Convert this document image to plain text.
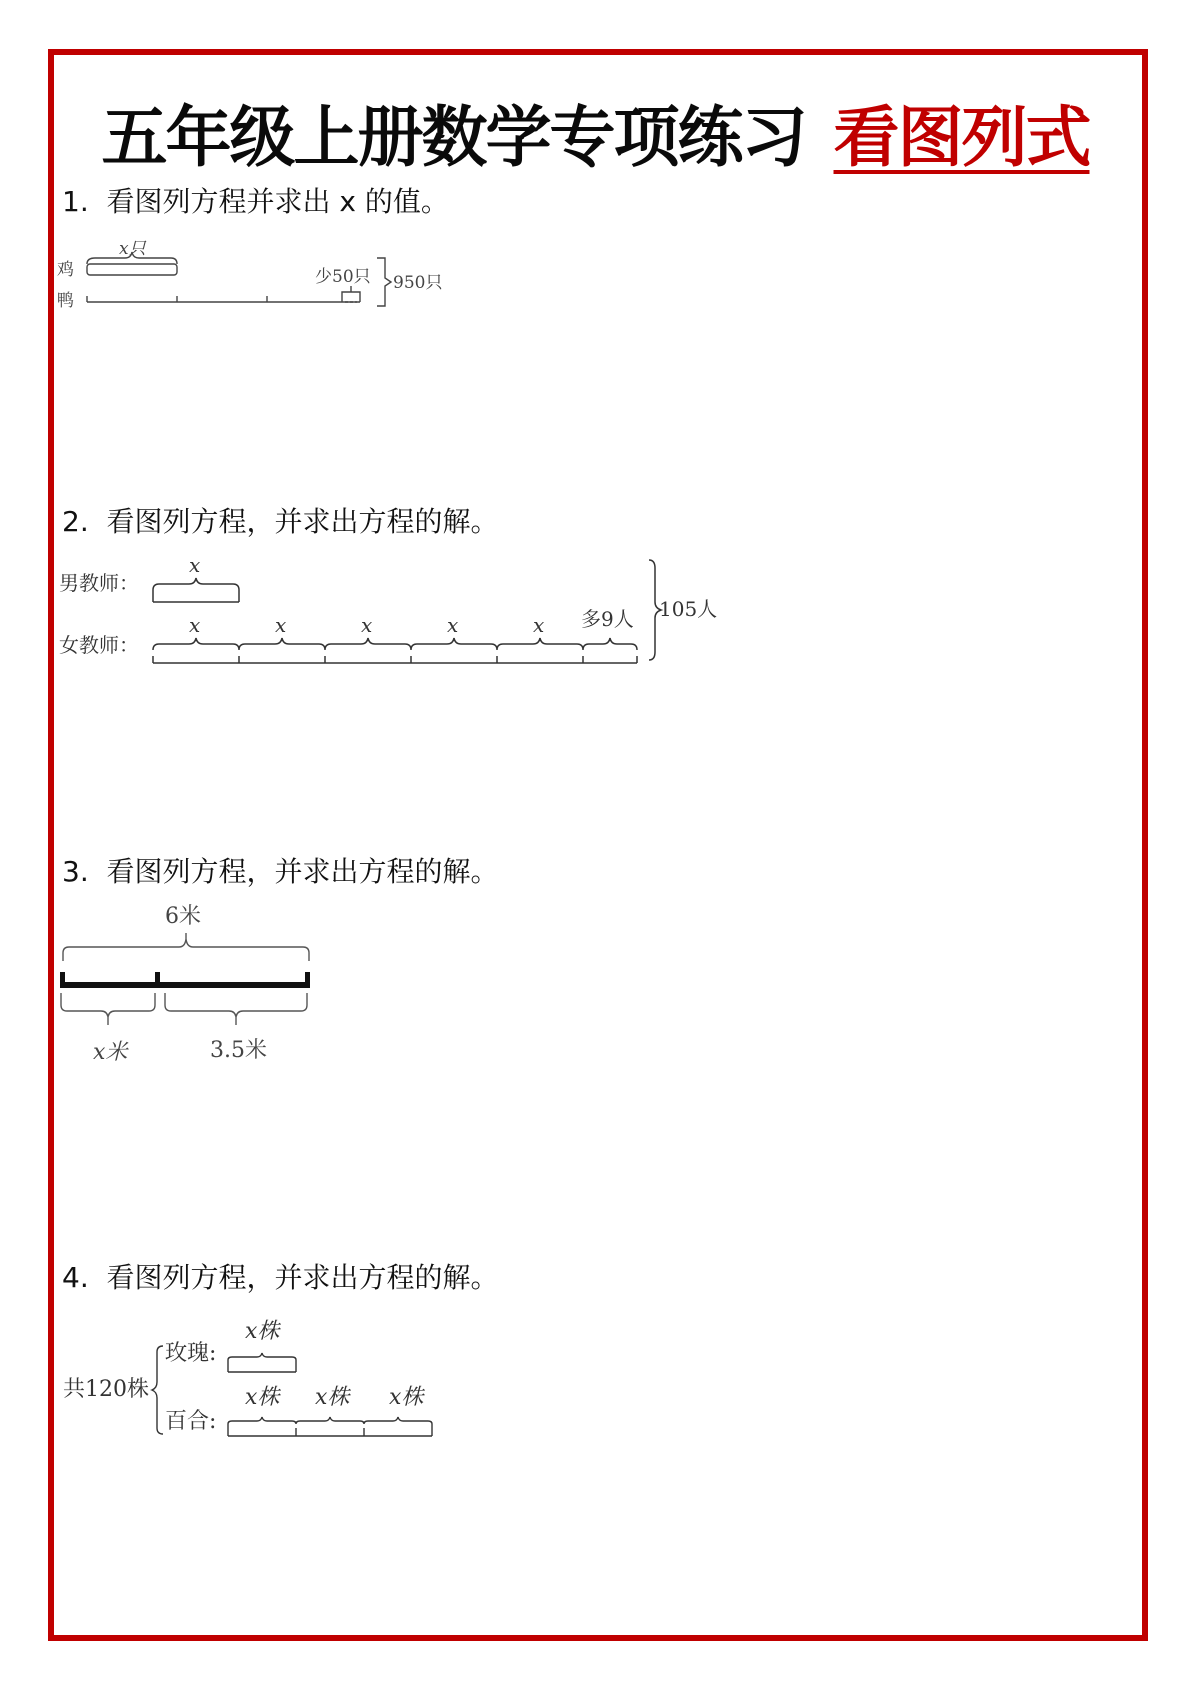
五年级上册数学专项练习 看图列式
1. 看图列方程并求出 x 的值。
鸡
鸭
x只
少50只 950只
2. 看图列方程，并求出方程的解。
男教师：
女教师：
x
x	x	x	x	x 多9人 105人
3. 看图列方程，并求出方程的解。
6米
x米	3.5米
4. 看图列方程，并求出方程的解。
共120株
玫瑰:
百合:
x株
x株 x株 x株
